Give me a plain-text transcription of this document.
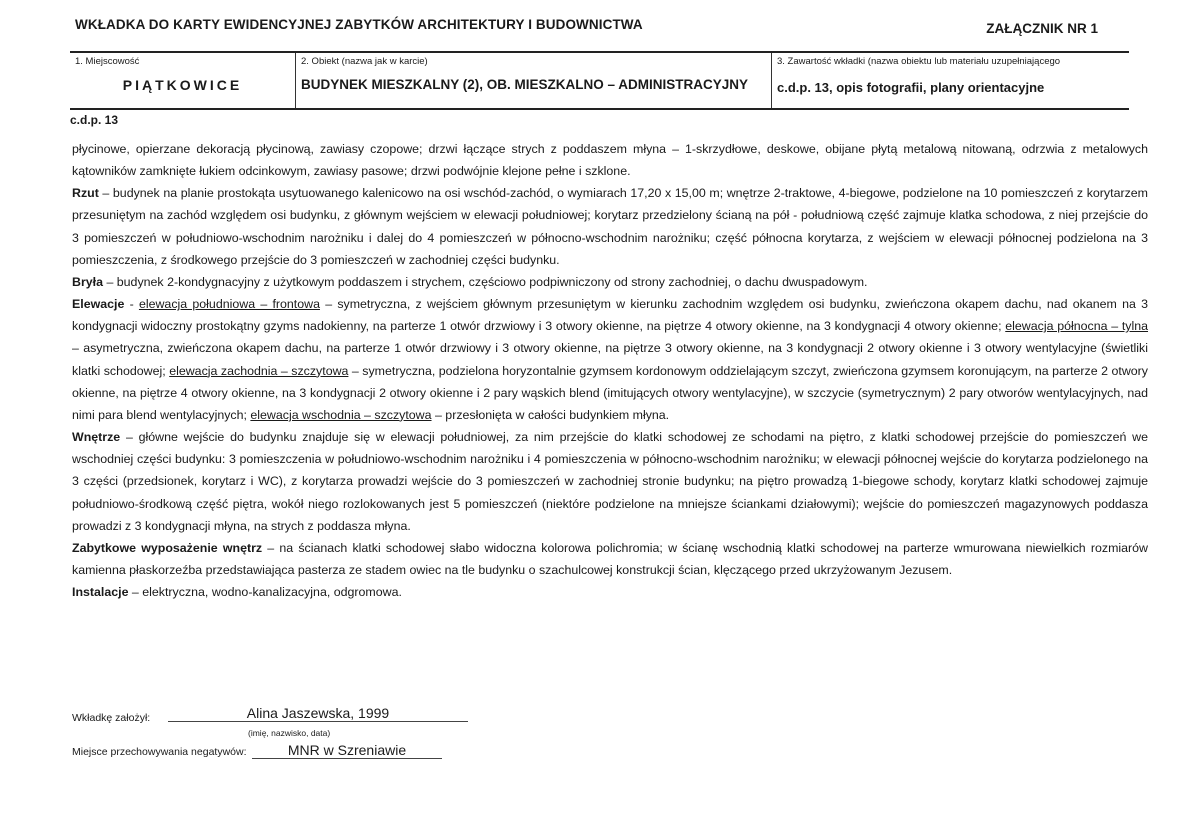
WKŁADKA DO KARTY EWIDENCYJNEJ ZABYTKÓW ARCHITEKTURY I BUDOWNICTWA	ZAŁĄCZNIK NR 1
1. Miejscowość
PIĄTKOWICE
2. Obiekt (nazwa jak w karcie)
BUDYNEK MIESZKALNY (2), OB. MIESZKALNO – ADMINISTRACYJNY
3. Zawartość wkładki (nazwa obiektu lub materiału uzupełniającego
c.d.p. 13, opis fotografii, plany orientacyjne
c.d.p. 13

płycinowe, opierzane dekoracją płycinową, zawiasy czopowe; drzwi łączące strych z poddaszem młyna – 1-skrzydłowe, deskowe, obijane płytą metalową nitowaną, odrzwia z metalowych kątowników zamknięte łukiem odcinkowym, zawiasy pasowe; drzwi podwójnie klejone pełne i szklone.

Rzut – budynek na planie prostokąta usytuowanego kalenicowo na osi wschód-zachód, o wymiarach 17,20 x 15,00 m; wnętrze 2-traktowe, 4-biegowe, podzielone na 10 pomieszczeń z korytarzem przesuniętym na zachód względem osi budynku, z głównym wejściem w elewacji południowej; korytarz przedzielony ścianą na pół - południową część zajmuje klatka schodowa, z niej przejście do 3 pomieszczeń w południowo-wschodnim narożniku i dalej do 4 pomieszczeń w północno-wschodnim narożniku; część północna korytarza, z wejściem w elewacji północnej podzielona na 3 pomieszczenia, z środkowego przejście do 3 pomieszczeń w zachodniej części budynku.

Bryła – budynek 2-kondygnacyjny z użytkowym poddaszem i strychem, częściowo podpiwniczony od strony zachodniej, o dachu dwuspadowym.

Elewacje - elewacja południowa – frontowa – symetryczna, z wejściem głównym przesuniętym w kierunku zachodnim względem osi budynku, zwieńczona okapem dachu, nad okanem na 3 kondygnacji widoczny prostokątny gzyms nadokienny, na parterze 1 otwór drzwiowy i 3 otwory okienne, na piętrze 4 otwory okienne, na 3 kondygnacji 4 otwory okienne; elewacja północna – tylna – asymetryczna, zwieńczona okapem dachu, na parterze 1 otwór drzwiowy i 3 otwory okienne, na piętrze 3 otwory okienne, na 3 kondygnacji 2 otwory okienne i 3 otwory wentylacyjne (świetliki klatki schodowej; elewacja zachodnia – szczytowa – symetryczna, podzielona horyzontalnie gzymsem kordonowym oddzielającym szczyt, zwieńczona gzymsem koronującym, na parterze 2 otwory okienne, na piętrze 4 otwory okienne, na 3 kondygnacji 2 otwory okienne i 2 pary wąskich blend (imitujących otwory wentylacyjne), w szczycie (symetrycznym) 2 pary otworów wentylacyjnych, nad nimi para blend wentylacyjnych; elewacja wschodnia – szczytowa – przesłonięta w całości budynkiem młyna.

Wnętrze – główne wejście do budynku znajduje się w elewacji południowej, za nim przejście do klatki schodowej ze schodami na piętro, z klatki schodowej przejście do pomieszczeń we wschodniej części budynku: 3 pomieszczenia w południowo-wschodnim narożniku i 4 pomieszczenia w północno-wschodnim narożniku; w elewacji północnej wejście do korytarza podzielonego na 3 części (przedsionek, korytarz i WC), z korytarza prowadzi wejście do 3 pomieszczeń w zachodniej stronie budynku; na piętro prowadzą 1-biegowe schody, korytarz klatki schodowej zajmuje południowo-środkową część piętra, wokół niego rozlokowanych jest 5 pomieszczeń (niektóre podzielone na mniejsze ściankami działowymi); wejście do pomieszczeń magazynowych poddasza prowadzi z 3 kondygnacji młyna, na strych z poddasza młyna.

Zabytkowe wyposażenie wnętrz – na ścianach klatki schodowej słabo widoczna kolorowa polichromia; w ścianę wschodnią klatki schodowej na parterze wmurowana niewielkich rozmiarów kamienna płaskorzeźba przedstawiająca pasterza ze stadem owiec na tle budynku o szachulcowej konstrukcji ścian, klęczącego przed ukrzyżowanym Jezusem.

Instalacje – elektryczna, wodno-kanalizacyjna, odgromowa.

Wkładkę założył:	Alina Jaszewska, 1999
(imię, nazwisko, data)
Miejsce przechowywania negatywów:	MNR w Szreniawie
